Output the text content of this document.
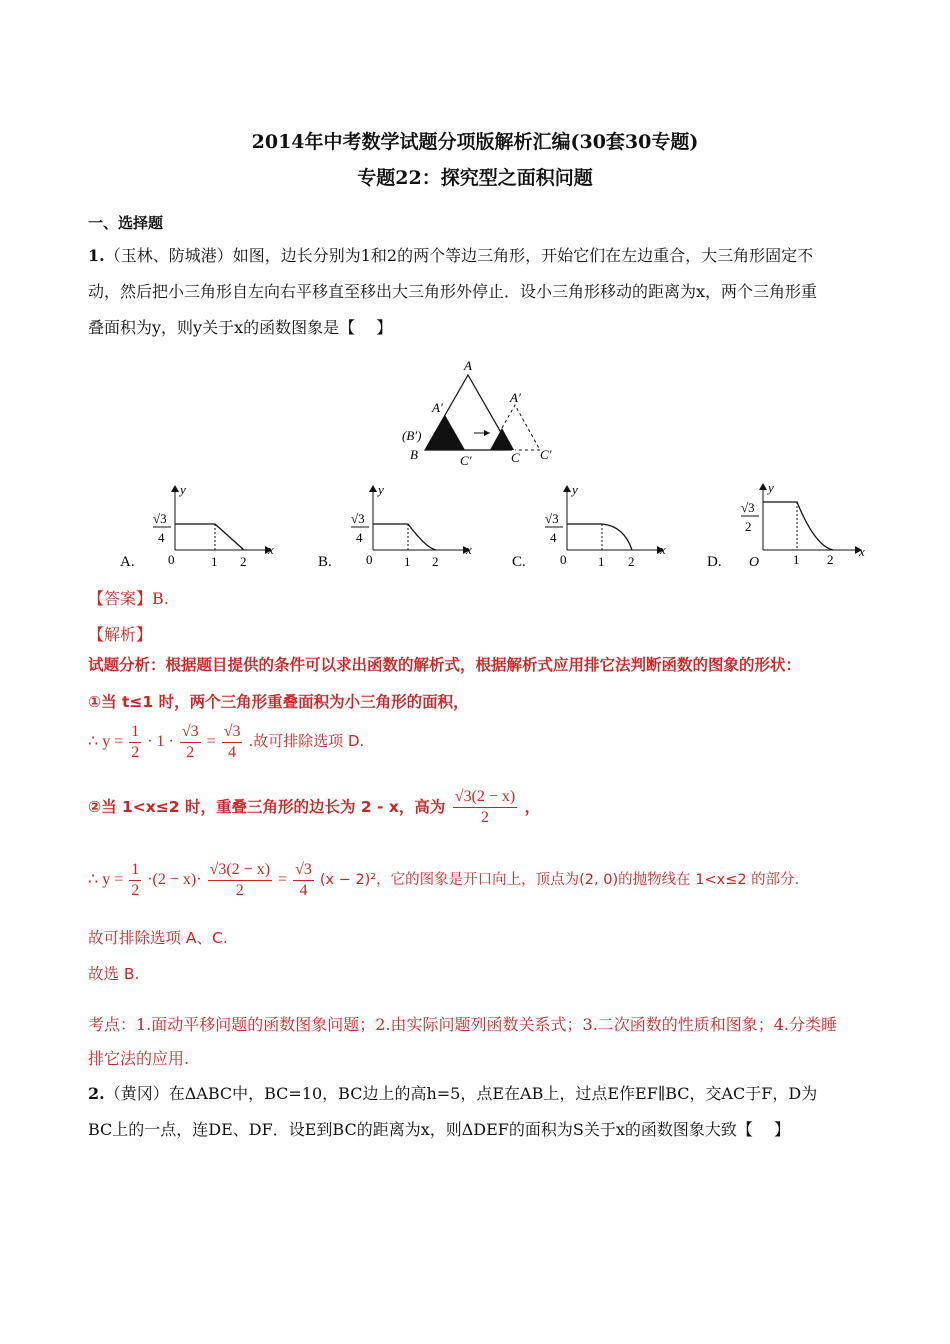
2014年中考数学试题分项版解析汇编(30套30专题)
专题22：探究型之面积问题
一、选择题
1.（玉林、防城港）如图，边长分别为1和2的两个等边三角形，开始它们在左边重合，大三角形固定不
动，然后把小三角形自左向右平移直至移出大三角形外停止．设小三角形移动的距离为x，两个三角形重
叠面积为y，则y关于x的函数图象是【　 】
A
A′
A′
(B′)
B	C′	C C′
A.
√3
4
0	1 2
x
y
B.
√3
4
0 1 2
x
y
C.
√3
4
0 1 2
x
y
D.
√3
2
O	1 2
x
y
【答案】B.
【解析】
试题分析：根据题目提供的条件可以求出函数的解析式，根据解析式应用排它法判断函数的图象的形状：
①当 t≤1 时，两个三角形重叠面积为小三角形的面积，
∴ $y = \frac{1}{2} \cdot 1 \cdot \frac{√3}{2} = \frac{√3}{4}$ .故可排除选项 D.
②当 1<x≤2 时，重叠三角形的边长为 2 - x，高为 $\frac{√3(2 - x)}{2}$ ，
∴ $y = \frac{1}{2} \cdot(2 - x)\cdot \frac{√3(2 - x)}{2} = \frac{√3}{4} (x - 2)^2$，它的图象是开口向上，顶点为(2, 0)的抛物线在 1<x≤2 的部分.
故可排除选项 A、C.
故选 B.
考点：1.面动平移问题的函数图象问题；2.由实际问题列函数关系式；3.二次函数的性质和图象；4.分类睡
排它法的应用.
2.（黄冈）在ΔABC中，BC=10，BC边上的高h=5，点E在AB上，过点E作EF∥BC，交AC于F，D为
BC上的一点，连DE、DF．设E到BC的距离为x，则ΔDEF的面积为S关于x的函数图象大致【　 】
